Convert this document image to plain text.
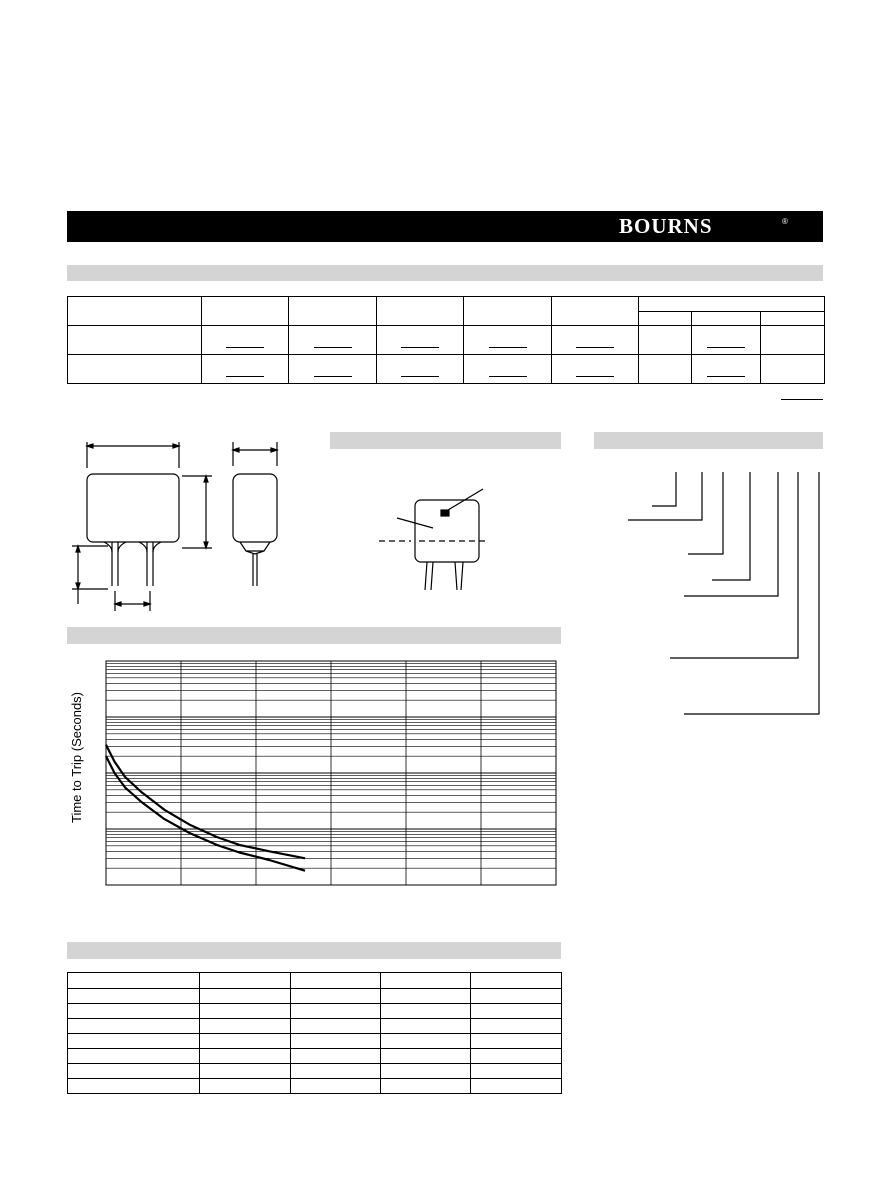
BOURNS	®

Time to Trip (Seconds)
